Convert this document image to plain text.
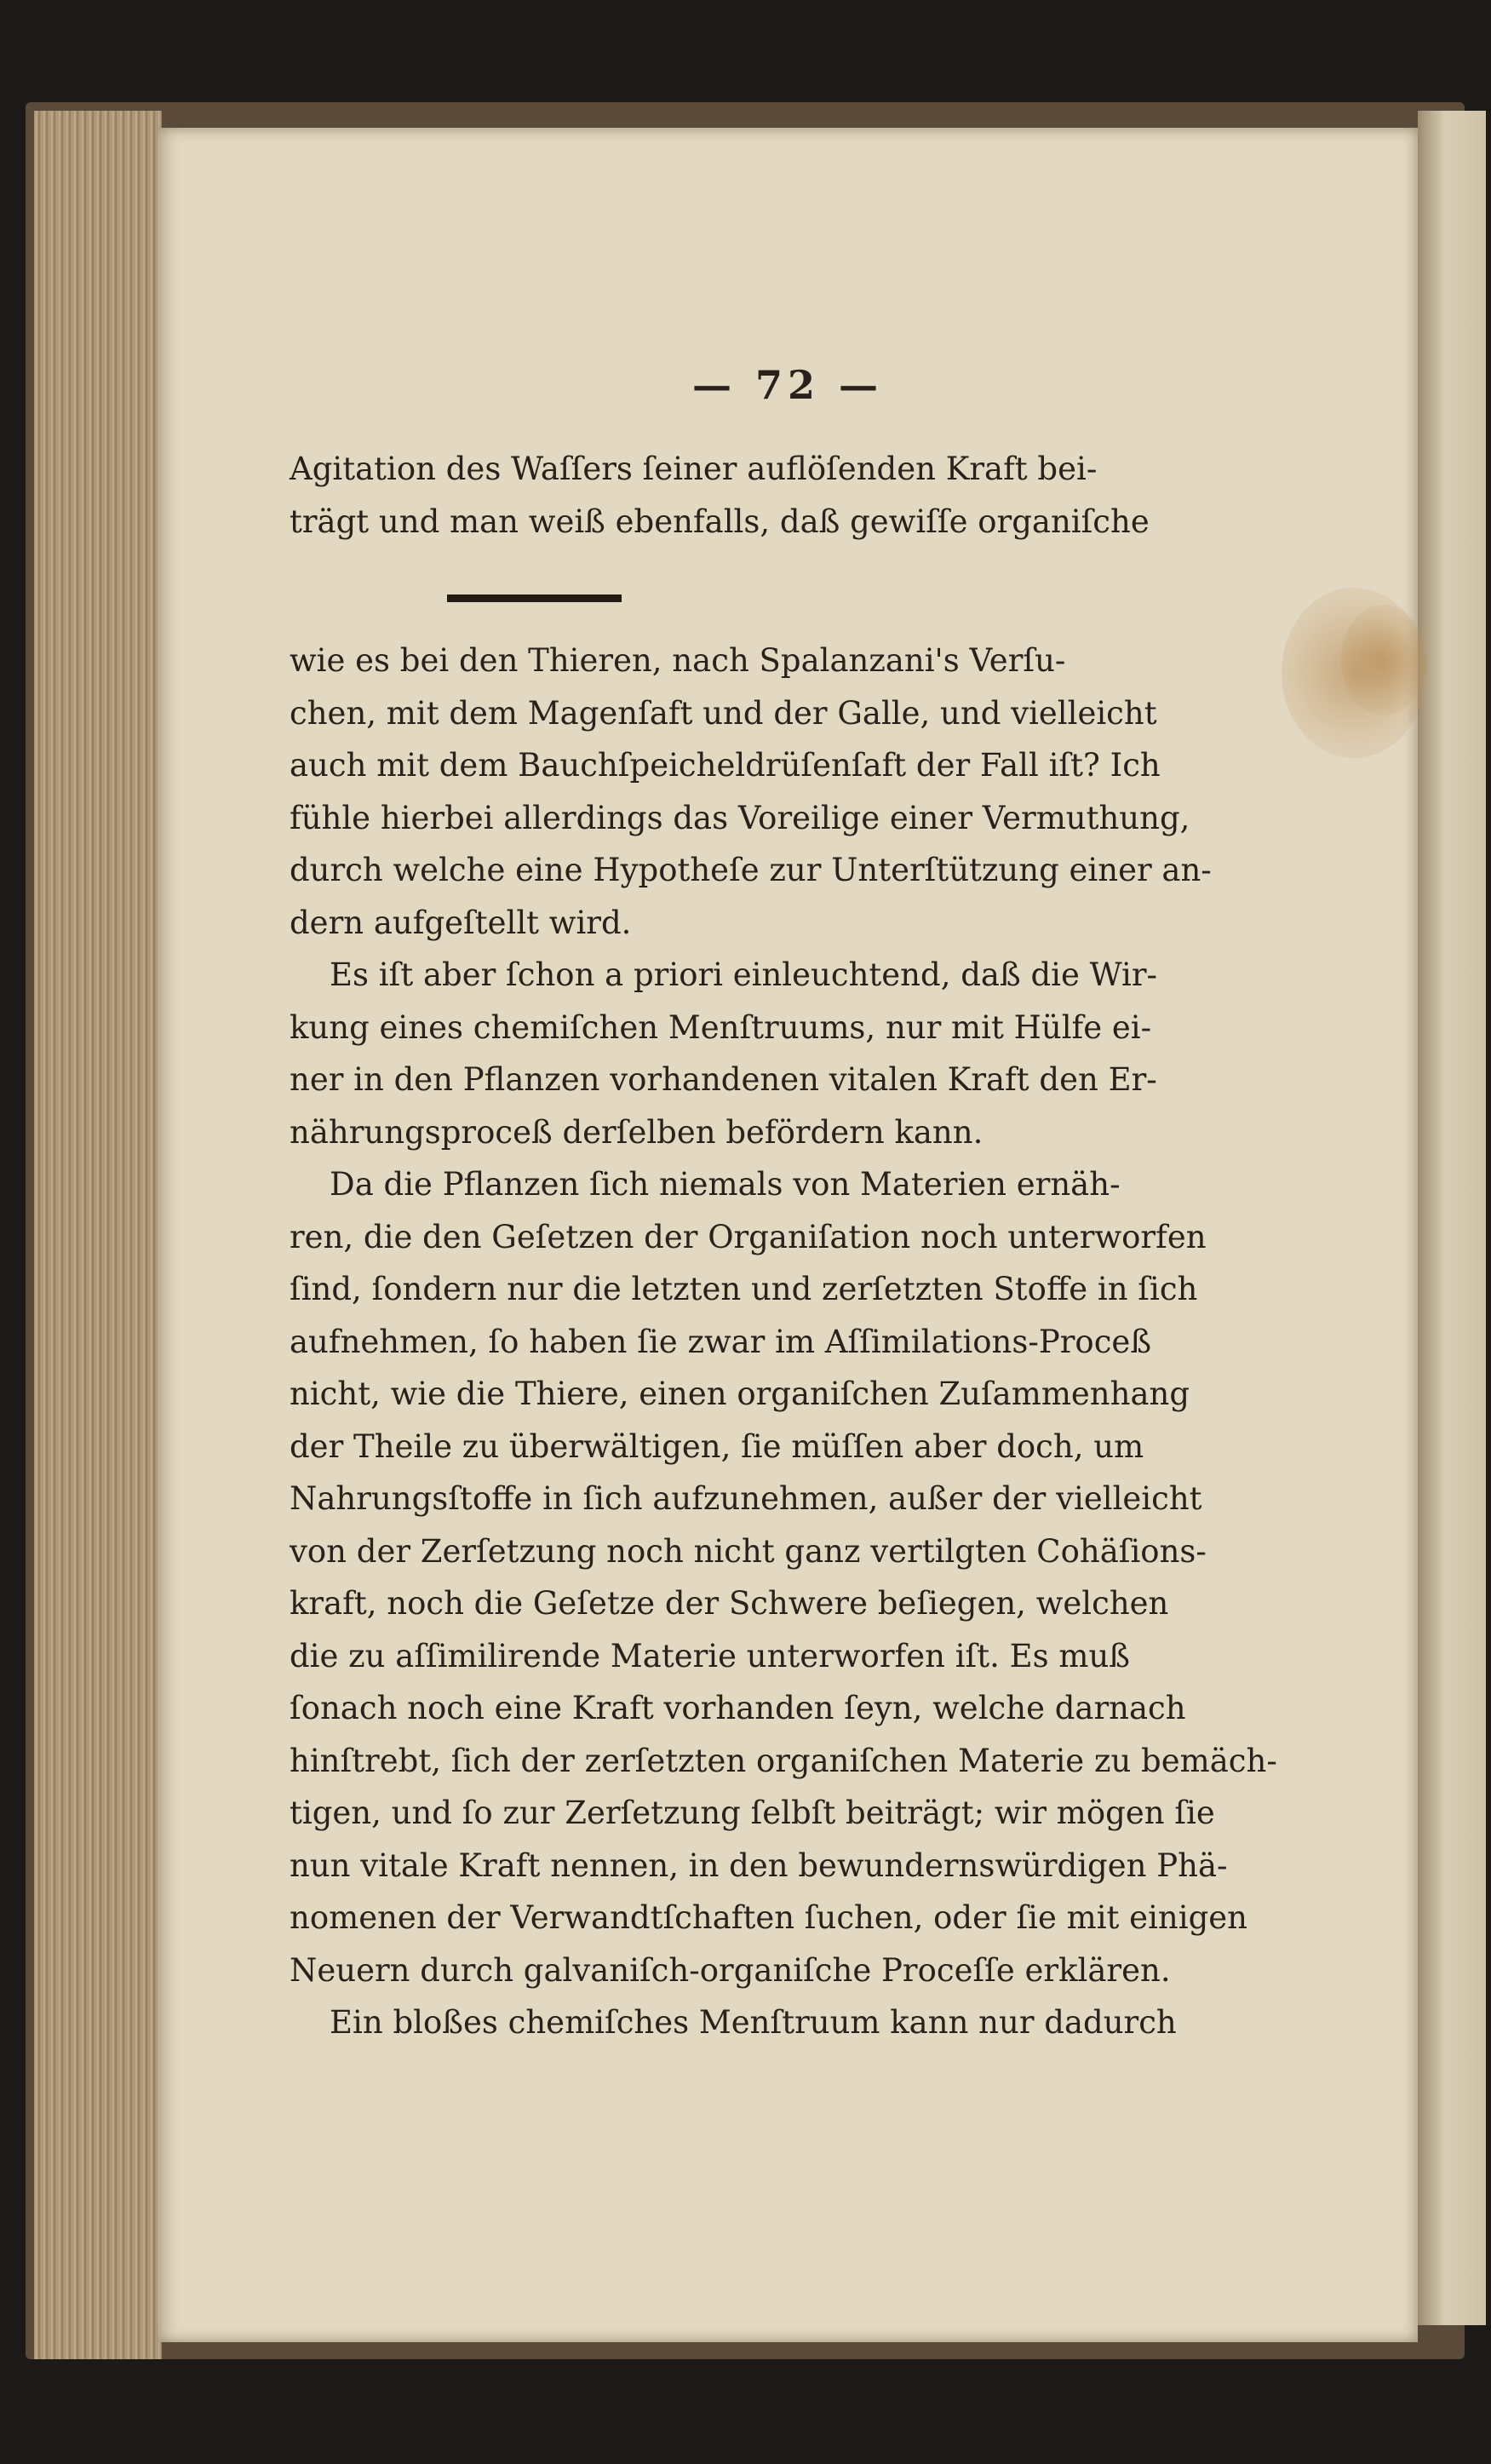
— 72 —
Agitation des Waſſers ſeiner auflöſenden Kraft bei-
trägt und man weiß ebenfalls, daß gewiſſe organiſche
wie es bei den Thieren, nach Spalanzani's Verſu-
chen, mit dem Magenſaft und der Galle, und vielleicht
auch mit dem Bauchſpeicheldrüſenſaft der Fall iſt? Ich
fühle hierbei allerdings das Voreilige einer Vermuthung,
durch welche eine Hypotheſe zur Unterſtützung einer an-
dern aufgeſtellt wird.
Es iſt aber ſchon a priori einleuchtend, daß die Wir-
kung eines chemiſchen Menſtruums, nur mit Hülfe ei-
ner in den Pflanzen vorhandenen vitalen Kraft den Er-
nährungsproceß derſelben befördern kann.
Da die Pflanzen ſich niemals von Materien ernäh-
ren, die den Geſetzen der Organiſation noch unterworfen
ſind, ſondern nur die letzten und zerſetzten Stoffe in ſich
aufnehmen, ſo haben ſie zwar im Aſſimilations-Proceß
nicht, wie die Thiere, einen organiſchen Zuſammenhang
der Theile zu überwältigen, ſie müſſen aber doch, um
Nahrungsſtoffe in ſich aufzunehmen, außer der vielleicht
von der Zerſetzung noch nicht ganz vertilgten Cohäſions-
kraft, noch die Geſetze der Schwere beſiegen, welchen
die zu aſſimilirende Materie unterworfen iſt. Es muß
ſonach noch eine Kraft vorhanden ſeyn, welche darnach
hinſtrebt, ſich der zerſetzten organiſchen Materie zu bemäch-
tigen, und ſo zur Zerſetzung ſelbſt beiträgt; wir mögen ſie
nun vitale Kraft nennen, in den bewundernswürdigen Phä-
nomenen der Verwandtſchaften ſuchen, oder ſie mit einigen
Neuern durch galvaniſch-organiſche Proceſſe erklären.
Ein bloßes chemiſches Menſtruum kann nur dadurch
